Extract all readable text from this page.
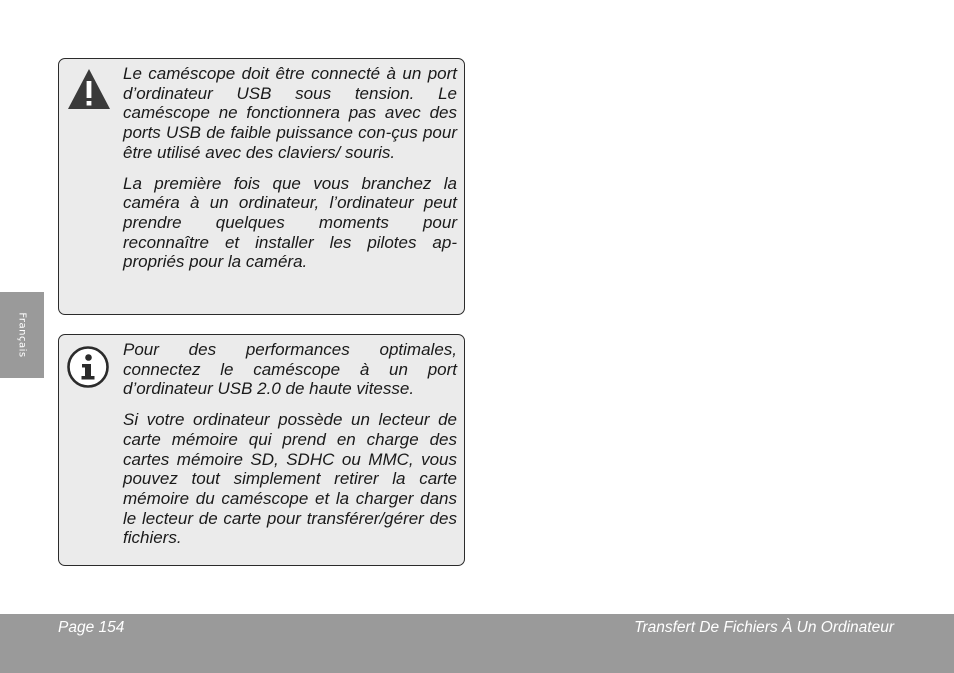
Français

Le caméscope doit être connecté à un port d’ordinateur USB sous tension. Le caméscope ne fonctionnera pas avec des ports USB de faible puissance con-çus pour être utilisé avec des claviers/ souris.

La première fois que vous branchez la caméra à un ordinateur, l’ordinateur peut prendre quelques moments pour reconnaître et installer les pilotes ap-propriés pour la caméra.

Pour des performances optimales, connectez le caméscope à un port d’ordinateur USB 2.0 de haute vitesse.

Si votre ordinateur possède un lecteur de carte mémoire qui prend en charge des cartes mémoire SD, SDHC ou MMC, vous pouvez tout simplement retirer la carte mémoire du caméscope et la charger dans le lecteur de carte pour transférer/gérer des fichiers.

Page 154	Transfert De Fichiers À Un Ordinateur
